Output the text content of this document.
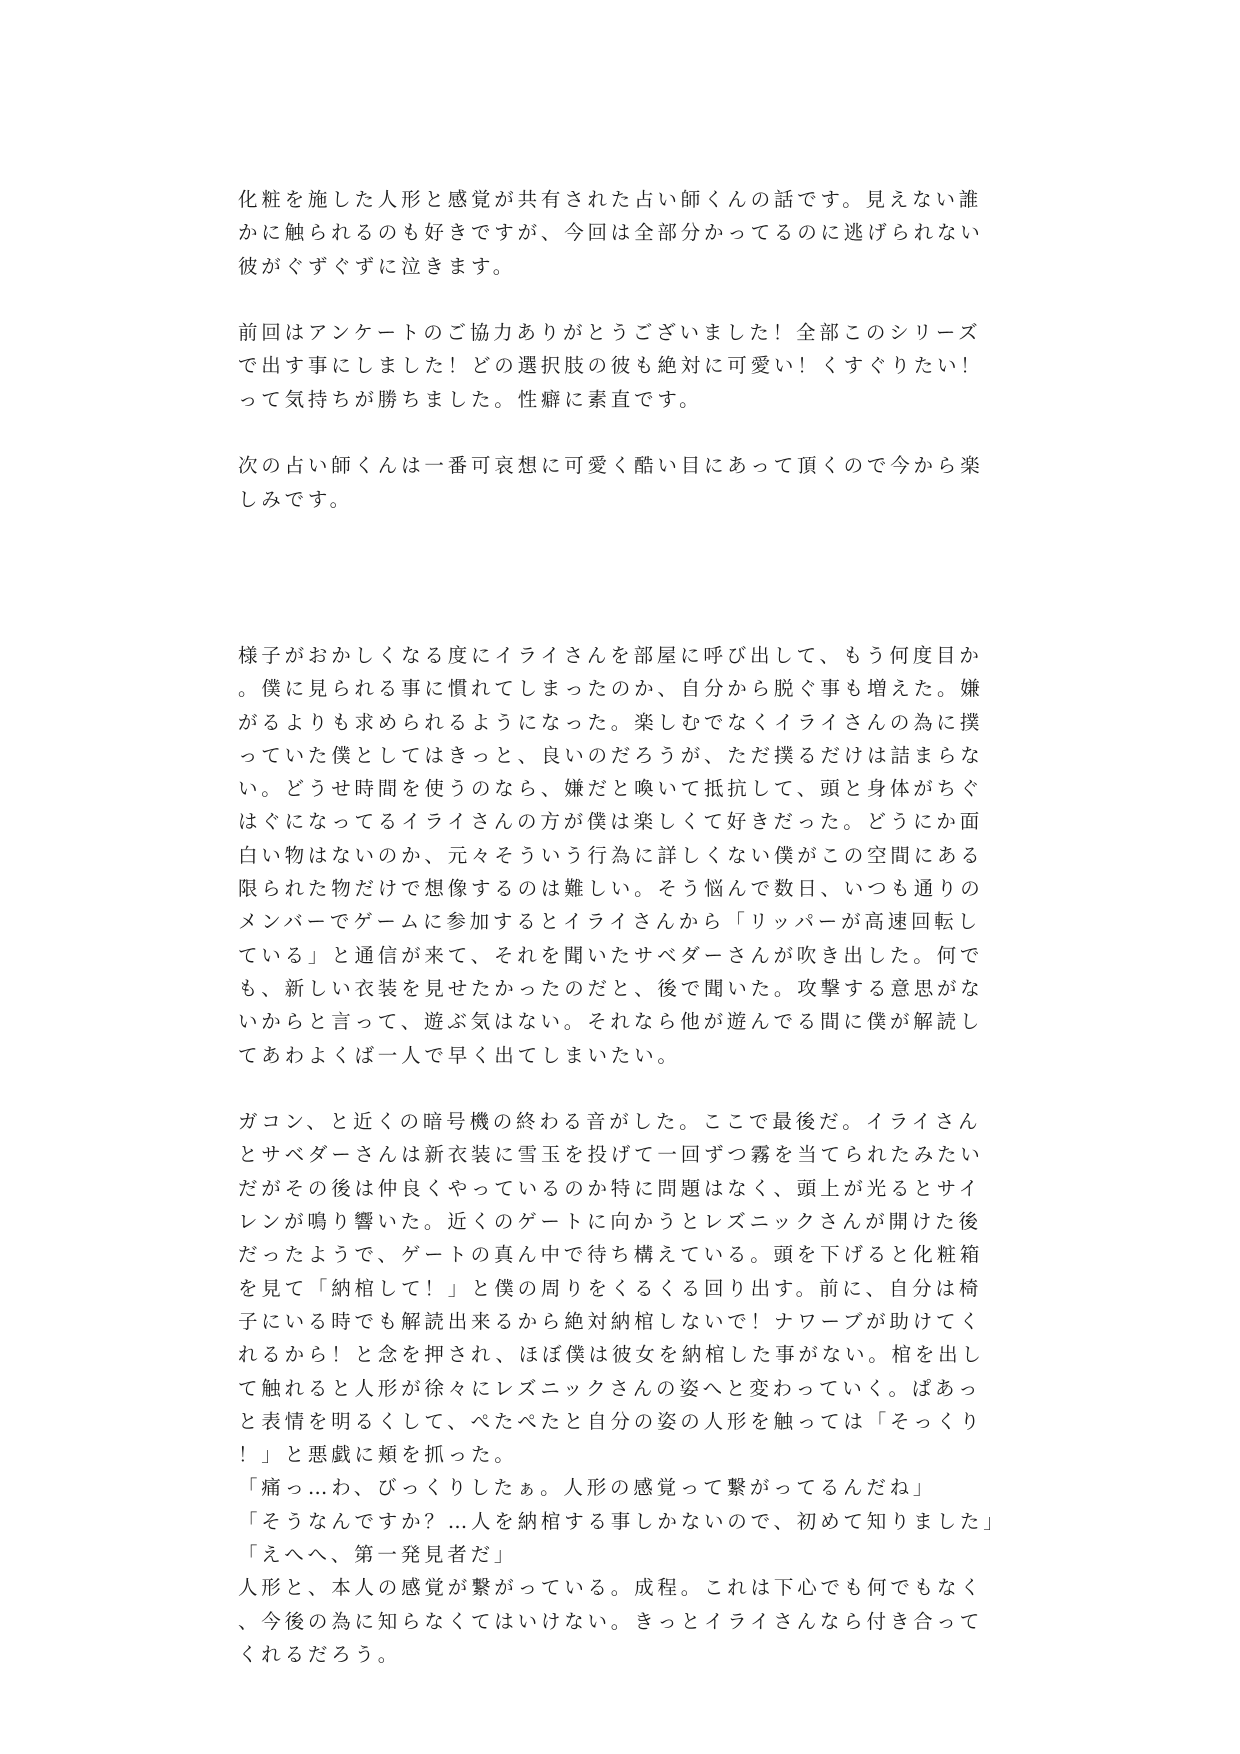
化粧を施した人形と感覚が共有された占い師くんの話です。見えない誰かに触られるのも好きですが、今回は全部分かってるのに逃げられない彼がぐずぐずに泣きます。

前回はアンケートのご協力ありがとうございました！全部このシリーズで出す事にしました！どの選択肢の彼も絶対に可愛い！くすぐりたい！って気持ちが勝ちました。性癖に素直です。

次の占い師くんは一番可哀想に可愛く酷い目にあって頂くので今から楽しみです。

様子がおかしくなる度にイライさんを部屋に呼び出して、もう何度目か。僕に見られる事に慣れてしまったのか、自分から脱ぐ事も増えた。嫌がるよりも求められるようになった。楽しむでなくイライさんの為に撲っていた僕としてはきっと、良いのだろうが、ただ撲るだけは詰まらない。どうせ時間を使うのなら、嫌だと喚いて抵抗して、頭と身体がちぐはぐになってるイライさんの方が僕は楽しくて好きだった。どうにか面白い物はないのか、元々そういう行為に詳しくない僕がこの空間にある限られた物だけで想像するのは難しい。そう悩んで数日、いつも通りのメンバーでゲームに参加するとイライさんから「リッパーが高速回転している」と通信が来て、それを聞いたサベダーさんが吹き出した。何でも、新しい衣装を見せたかったのだと、後で聞いた。攻撃する意思がないからと言って、遊ぶ気はない。それなら他が遊んでる間に僕が解読してあわよくば一人で早く出てしまいたい。

ガコン、と近くの暗号機の終わる音がした。ここで最後だ。イライさんとサベダーさんは新衣装に雪玉を投げて一回ずつ霧を当てられたみたいだがその後は仲良くやっているのか特に問題はなく、頭上が光るとサイレンが鳴り響いた。近くのゲートに向かうとレズニックさんが開けた後だったようで、ゲートの真ん中で待ち構えている。頭を下げると化粧箱を見て「納棺して！」と僕の周りをくるくる回り出す。前に、自分は椅子にいる時でも解読出来るから絶対納棺しないで！ナワーブが助けてくれるから！と念を押され、ほぼ僕は彼女を納棺した事がない。棺を出して触れると人形が徐々にレズニックさんの姿へと変わっていく。ぱあっと表情を明るくして、ぺたぺたと自分の姿の人形を触っては「そっくり！」と悪戯に頬を抓った。

「痛っ…わ、びっくりしたぁ。人形の感覚って繋がってるんだね」

「そうなんですか？…人を納棺する事しかないので、初めて知りました」

「えへへ、第一発見者だ」

人形と、本人の感覚が繋がっている。成程。これは下心でも何でもなく、今後の為に知らなくてはいけない。きっとイライさんなら付き合ってくれるだろう。
